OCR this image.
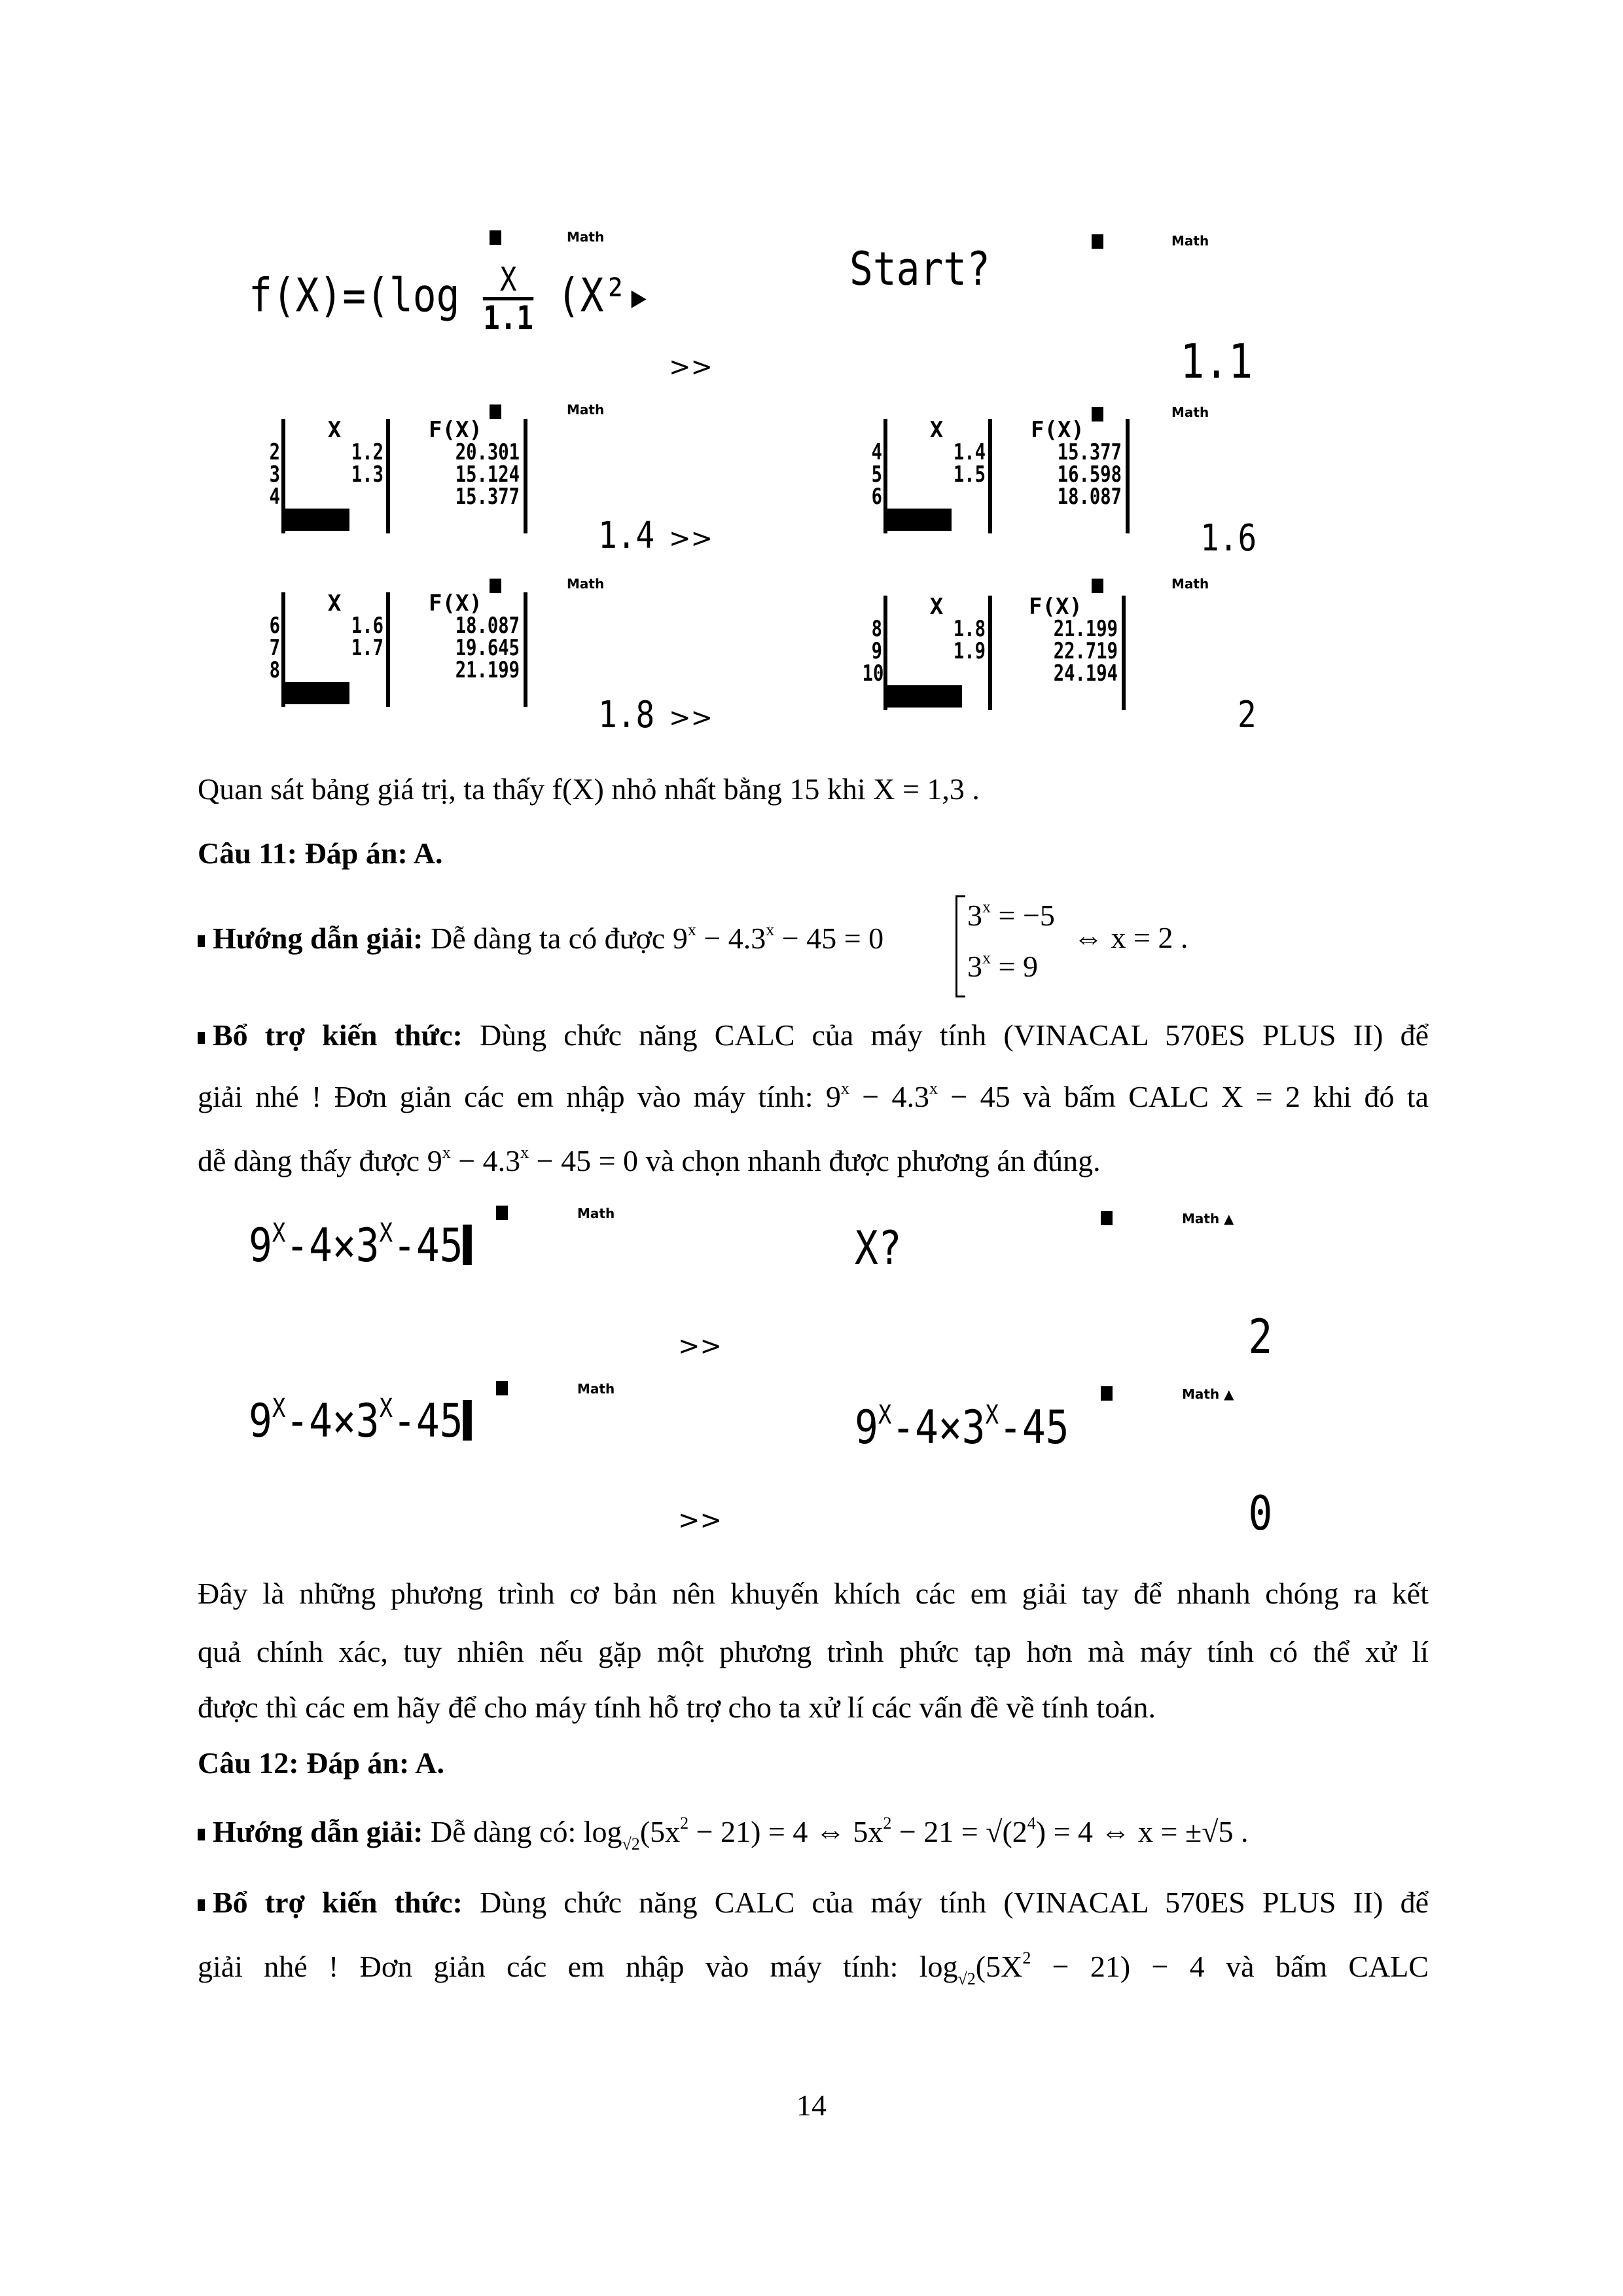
Math
$f(X)=(\log \frac{X}{1.1}$ (X²▸
>>
Math
Start?
1.1
Math
2
3
4
X
1.2
1.3
1.4
F(X)
20.301
15.124
15.377
1.4 >>
Math
4
5
6
X
1.4
1.5
1.6
F(X)
15.377
16.598
18.087
1.6
Math
6
7
8
X
1.6
1.7
1.8
F(X)
18.087
19.645
21.199
1.8 >>
Math
8
9
10
X
1.8
1.9
2
F(X)
21.199
22.719
24.194
2
Quan sát bảng giá trị, ta thấy f(X) nhỏ nhất bằng 15 khi X = 1,3 .
Câu 11: Đáp án: A.
Hướng dẫn giải: Dễ dàng ta có được $9^x - 4.3^x - 45 = 0$
$3^x = -5$
$3^x = 9$
⇔ x = 2 .
Bổ trợ kiến thức: Dùng chức năng CALC của máy tính (VINACAL 570ES PLUS II) để
giải nhé ! Đơn giản các em nhập vào máy tính: $9^x - 4.3^x - 45$ và bấm CALC X = 2 khi đó ta
dễ dàng thấy được $9^x - 4.3^x - 45 = 0$ và chọn nhanh được phương án đúng.
Math
$9^X-4\times 3^X-45$
>>
Math ▲
X?
2
Math
$9^X-4\times 3^X-45$
>>
Math ▲
$9^X-4\times 3^X-45$
0
Đây là những phương trình cơ bản nên khuyến khích các em giải tay để nhanh chóng ra kết
quả chính xác, tuy nhiên nếu gặp một phương trình phức tạp hơn mà máy tính có thể xử lí
được thì các em hãy để cho máy tính hỗ trợ cho ta xử lí các vấn đề về tính toán.
Câu 12: Đáp án: A.
Hướng dẫn giải: Dễ dàng có: $\log_{√2}(5x^2 - 21) = 4$ ⇔ $5x^2 - 21 = √(2^4) = 4$ ⇔ x = ±√5 .
Bổ trợ kiến thức: Dùng chức năng CALC của máy tính (VINACAL 570ES PLUS II) để
giải nhé ! Đơn giản các em nhập vào máy tính: $\log_{√2}(5X^2 - 21) - 4$ và bấm CALC
14
